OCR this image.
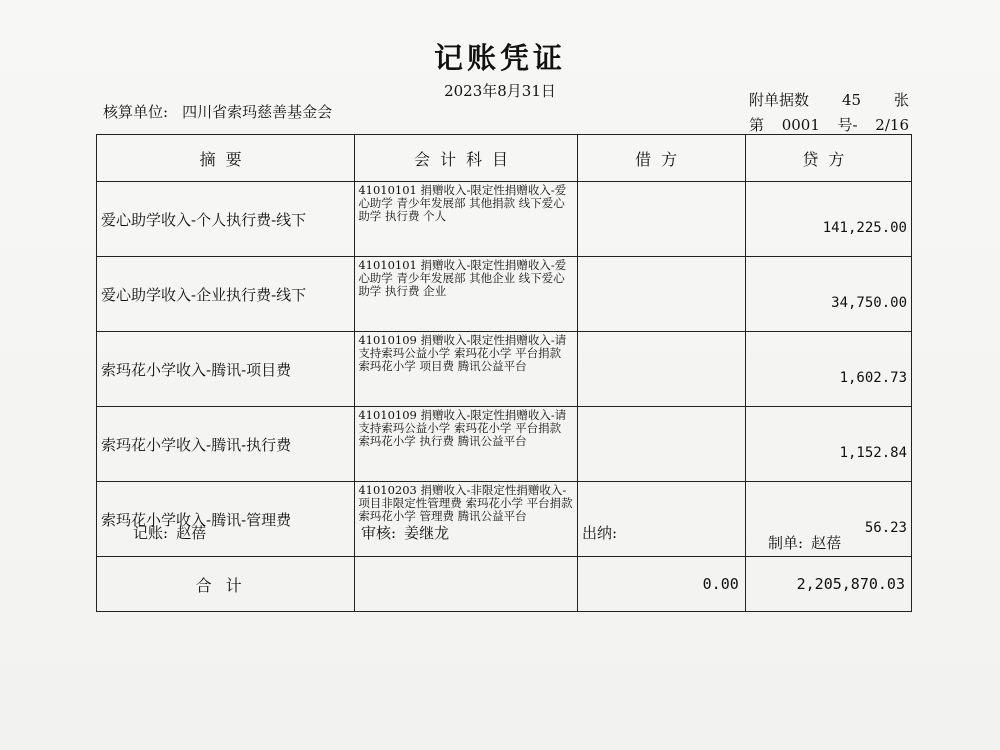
记账凭证
2023年8月31日
核算单位: 四川省索玛慈善基金会
附单据数	45	张
第 0001 号- 2/16
摘要	会计科目	借方	贷方
爱心助学收入-个人执行费-线下	41010101 捐赠收入-限定性捐赠收入-爱心助学 青少年发展部 其他捐款 线下爱心助学 执行费 个人		141,225.00
爱心助学收入-企业执行费-线下	41010101 捐赠收入-限定性捐赠收入-爱心助学 青少年发展部 其他企业 线下爱心助学 执行费 企业		34,750.00
索玛花小学收入-腾讯-项目费	41010109 捐赠收入-限定性捐赠收入-请支持索玛公益小学 索玛花小学 平台捐款 索玛花小学 项目费 腾讯公益平台		1,602.73
索玛花小学收入-腾讯-执行费	41010109 捐赠收入-限定性捐赠收入-请支持索玛公益小学 索玛花小学 平台捐款 索玛花小学 执行费 腾讯公益平台		1,152.84
索玛花小学收入-腾讯-管理费	41010203 捐赠收入-非限定性捐赠收入-项目非限定性管理费 索玛花小学 平台捐款 索玛花小学 管理费 腾讯公益平台		56.23
合计		0.00	2,205,870.03
记账: 赵蓓	审核: 姜继龙	出纳:
制单: 赵蓓
